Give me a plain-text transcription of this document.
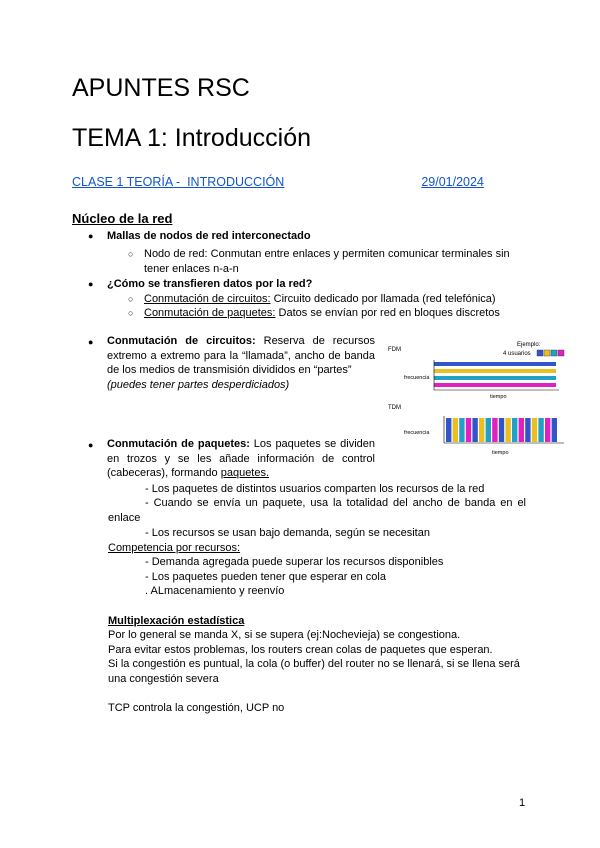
APUNTES RSC
TEMA 1: Introducción
CLASE 1 TEORÍA -  INTRODUCCIÓN	29/01/2024
Núcleo de la red
● Mallas de nodos de red interconectado
○ Nodo de red: Conmutan entre enlaces y permiten comunicar terminales sin
tener enlaces n-a-n
● ¿Cómo se transfieren datos por la red?
○ Conmutación de circuitos: Circuito dedicado por llamada (red telefónica)
○ Conmutación de paquetes: Datos se envían por red en bloques discretos
● Conmutación de circuitos: Reserva de recursos extremo a extremo para la “llamada”, ancho de banda de los medios de transmisión divididos en “partes”
(puedes tener partes desperdiciados)
FDM
Ejemplo:
4 usuarios
frecuencia
tiempo
TDM
frecuencia
tiempo
● Conmutación de paquetes: Los paquetes se dividen en trozos y se les añade información de control (cabeceras), formando paquetes.
- Los paquetes de distintos usuarios comparten los recursos de la red
- Cuando se envía un paquete, usa la totalidad del ancho de banda en el
enlace
- Los recursos se usan bajo demanda, según se necesitan
Competencia por recursos:
- Demanda agregada puede superar los recursos disponibles
- Los paquetes pueden tener que esperar en cola
. ALmacenamiento y reenvío
Multiplexación estadística
Por lo general se manda X, si se supera (ej:Nochevieja) se congestiona.
Para evitar estos problemas, los routers crean colas de paquetes que esperan.
Si la congestión es puntual, la cola (o buffer) del router no se llenará, si se llena será
una congestión severa
TCP controla la congestión, UCP no
1
